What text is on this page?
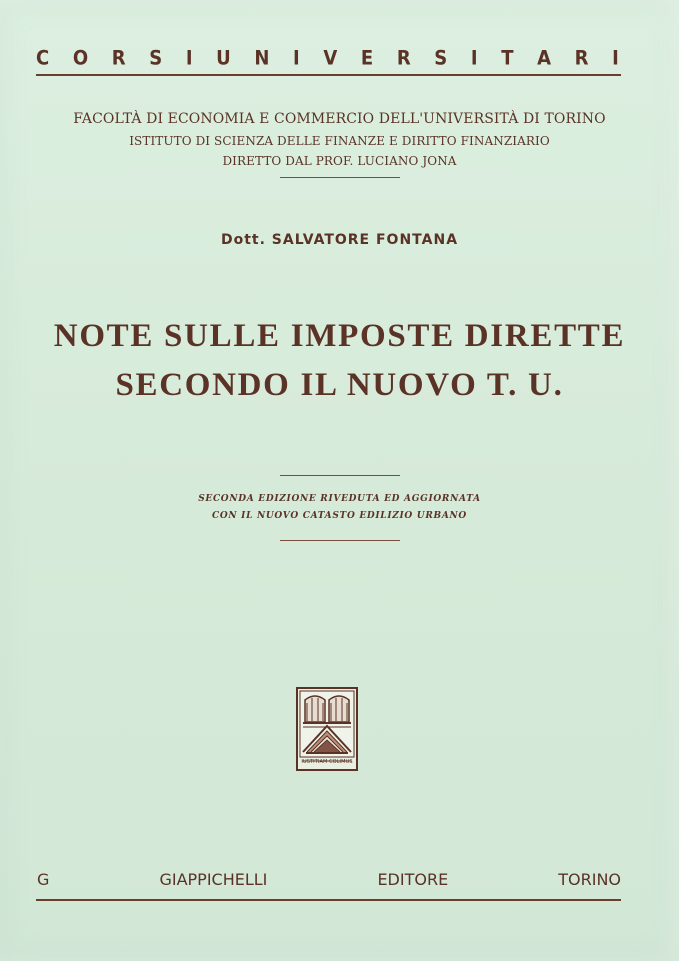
C O R S I U N I V E R S I T A R I
FACOLTÀ DI ECONOMIA E COMMERCIO DELL'UNIVERSITÀ DI TORINO
ISTITUTO DI SCIENZA DELLE FINANZE E DIRITTO FINANZIARIO
DIRETTO DAL PROF. LUCIANO JONA
Dott. SALVATORE FONTANA
NOTE SULLE IMPOSTE DIRETTE
SECONDO IL NUOVO T. U.
SECONDA EDIZIONE RIVEDUTA ED AGGIORNATA
CON IL NUOVO CATASTO EDILIZIO URBANO
IUSTITIAM COLIMUS
G	GIAPPICHELLI	EDITORE	TORINO
